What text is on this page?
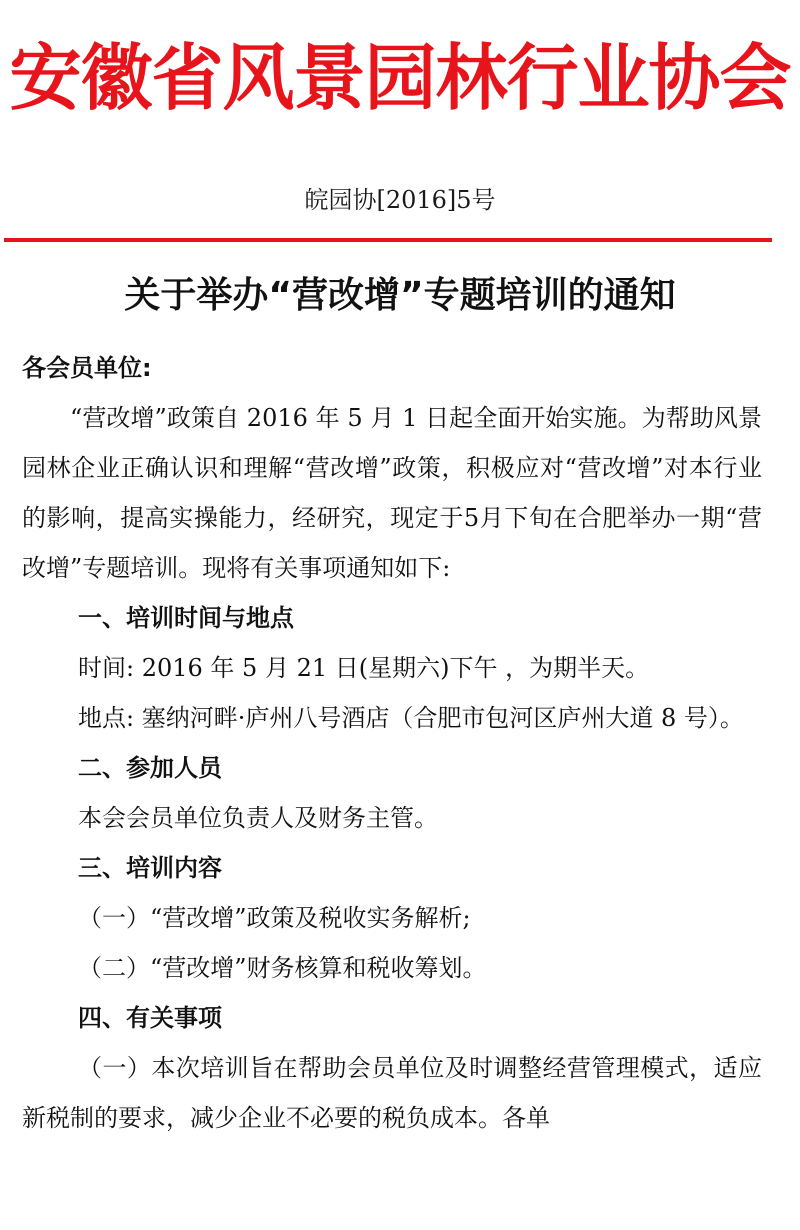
安徽省风景园林行业协会
皖园协[2016]5号
关于举办“营改增”专题培训的通知

各会员单位:

“营改增”政策自 2016 年 5 月 1 日起全面开始实施。为帮助风景园林企业正确认识和理解“营改增”政策，积极应对“营改增”对本行业的影响，提高实操能力，经研究，现定于5月下旬在合肥举办一期“营改增”专题培训。现将有关事项通知如下:

一、培训时间与地点

时间: 2016 年 5 月 21 日(星期六)下午 ，为期半天。

地点: 塞纳河畔·庐州八号酒店（合肥市包河区庐州大道 8 号）。

二、参加人员

本会会员单位负责人及财务主管。

三、培训内容

（一）“营改增”政策及税收实务解析;

（二）“营改增”财务核算和税收筹划。

四、有关事项

（一）本次培训旨在帮助会员单位及时调整经营管理模式，适应新税制的要求，减少企业不必要的税负成本。各单
